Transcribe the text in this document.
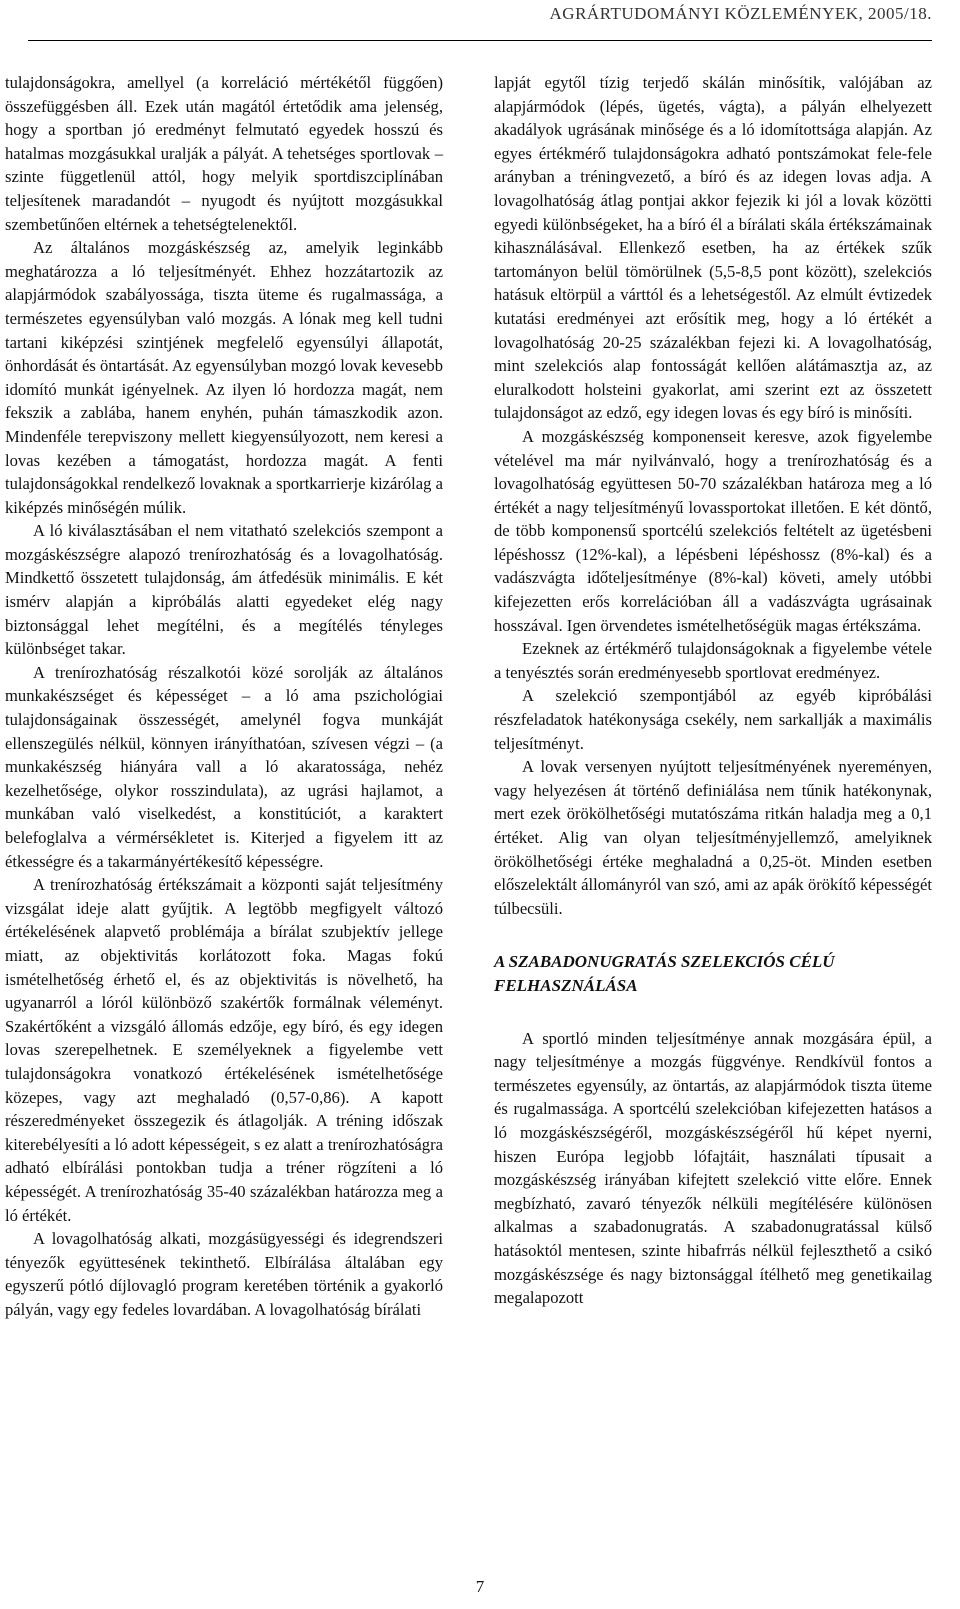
AGRÁRTUDOMÁNYI KÖZLEMÉNYEK, 2005/18.

tulajdonságokra, amellyel (a korreláció mértékétől függően) összefüggésben áll. Ezek után magától értetődik ama jelenség, hogy a sportban jó eredményt felmutató egyedek hosszú és hatalmas mozgásukkal uralják a pályát. A tehetséges sportlovak – szinte függetlenül attól, hogy melyik sportdiszciplínában teljesítenek maradandót – nyugodt és nyújtott mozgásukkal szembetűnően eltérnek a tehetségtelenektől.

Az általános mozgáskészség az, amelyik leginkább meghatározza a ló teljesítményét. Ehhez hozzátartozik az alapjármódok szabályossága, tiszta üteme és rugalmassága, a természetes egyensúlyban való mozgás. A lónak meg kell tudni tartani kiképzési szintjének megfelelő egyensúlyi állapotát, önhordását és öntartását. Az egyensúlyban mozgó lovak kevesebb idomító munkát igényelnek. Az ilyen ló hordozza magát, nem fekszik a zablába, hanem enyhén, puhán támaszkodik azon. Mindenféle terepviszony mellett kiegyensúlyozott, nem keresi a lovas kezében a támogatást, hordozza magát. A fenti tulajdonságokkal rendelkező lovaknak a sportkarrierje kizárólag a kiképzés minőségén múlik.

A ló kiválasztásában el nem vitatható szelekciós szempont a mozgáskészségre alapozó trenírozhatóság és a lovagolhatóság. Mindkettő összetett tulajdonság, ám átfedésük minimális. E két ismérv alapján a kipróbálás alatti egyedeket elég nagy biztonsággal lehet megítélni, és a megítélés tényleges különbséget takar.

A trenírozhatóság részalkotói közé sorolják az általános munkakészséget és képességet – a ló ama pszichológiai tulajdonságainak összességét, amelynél fogva munkáját ellenszegülés nélkül, könnyen irányíthatóan, szívesen végzi – (a munkakészség hiányára vall a ló akaratossága, nehéz kezelhetősége, olykor rosszindulata), az ugrási hajlamot, a munkában való viselkedést, a konstitúciót, a karaktert belefoglalva a vérmérsékletet is. Kiterjed a figyelem itt az étkességre és a takarmányértékesítő képességre.

A trenírozhatóság értékszámait a központi saját teljesítmény vizsgálat ideje alatt gyűjtik. A legtöbb megfigyelt változó értékelésének alapvető problémája a bírálat szubjektív jellege miatt, az objektivitás korlátozott foka. Magas fokú ismételhetőség érhető el, és az objektivitás is növelhető, ha ugyanarról a lóról különböző szakértők formálnak véleményt. Szakértőként a vizsgáló állomás edzője, egy bíró, és egy idegen lovas szerepelhetnek. E személyeknek a figyelembe vett tulajdonságokra vonatkozó értékelésének ismételhetősége közepes, vagy azt meghaladó (0,57-0,86). A kapott részeredményeket összegezik és átlagolják. A tréning időszak kiterebélyesíti a ló adott képességeit, s ez alatt a trenírozhatóságra adható elbírálási pontokban tudja a tréner rögzíteni a ló képességét. A trenírozhatóság 35-40 százalékban határozza meg a ló értékét.

A lovagolhatóság alkati, mozgásügyességi és idegrendszeri tényezők együttesének tekinthető. Elbírálása általában egy egyszerű pótló díjlovagló program keretében történik a gyakorló pályán, vagy egy fedeles lovardában. A lovagolhatóság bírálati

lapját egytől tízig terjedő skálán minősítik, valójában az alapjármódok (lépés, ügetés, vágta), a pályán elhelyezett akadályok ugrásának minősége és a ló idomítottsága alapján. Az egyes értékmérő tulajdonságokra adható pontszámokat fele-fele arányban a tréningvezető, a bíró és az idegen lovas adja. A lovagolhatóság átlag pontjai akkor fejezik ki jól a lovak közötti egyedi különbségeket, ha a bíró él a bírálati skála értékszámainak kihasználásával. Ellenkező esetben, ha az értékek szűk tartományon belül tömörülnek (5,5-8,5 pont között), szelekciós hatásuk eltörpül a várttól és a lehetségestől. Az elmúlt évtizedek kutatási eredményei azt erősítik meg, hogy a ló értékét a lovagolhatóság 20-25 százalékban fejezi ki. A lovagolhatóság, mint szelekciós alap fontosságát kellően alátámasztja az, az eluralkodott holsteini gyakorlat, ami szerint ezt az összetett tulajdonságot az edző, egy idegen lovas és egy bíró is minősíti.

A mozgáskészség komponenseit keresve, azok figyelembe vételével ma már nyilvánvaló, hogy a trenírozhatóság és a lovagolhatóság együttesen 50-70 százalékban határoza meg a ló értékét a nagy teljesítményű lovassportokat illetően. E két döntő, de több komponensű sportcélú szelekciós feltételt az ügetésbeni lépéshossz (12%-kal), a lépésbeni lépéshossz (8%-kal) és a vadászvágta időteljesítménye (8%-kal) követi, amely utóbbi kifejezetten erős korrelációban áll a vadászvágta ugrásainak hosszával. Igen örvendetes ismételhetőségük magas értékszáma.

Ezeknek az értékmérő tulajdonságoknak a figyelembe vétele a tenyésztés során eredményesebb sportlovat eredményez.

A szelekció szempontjából az egyéb kipróbálási részfeladatok hatékonysága csekély, nem sarkallják a maximális teljesítményt.

A lovak versenyen nyújtott teljesítményének nyereményen, vagy helyezésen át történő definiálása nem tűnik hatékonynak, mert ezek örökölhetőségi mutatószáma ritkán haladja meg a 0,1 értéket. Alig van olyan teljesítményjellemző, amelyiknek örökölhetőségi értéke meghaladná a 0,25-öt. Minden esetben előszelektált állományról van szó, ami az apák örökítő képességét túlbecsüli.

A SZABADONUGRATÁS SZELEKCIÓS CÉLÚ FELHASZNÁLÁSA

A sportló minden teljesítménye annak mozgására épül, a nagy teljesítménye a mozgás függvénye. Rendkívül fontos a természetes egyensúly, az öntartás, az alapjármódok tiszta üteme és rugalmassága. A sportcélú szelekcióban kifejezetten hatásos a ló mozgáskészségéről, mozgáskészségéről hű képet nyerni, hiszen Európa legjobb lófajtáit, használati típusait a mozgáskészség irányában kifejtett szelekció vitte előre. Ennek megbízható, zavaró tényezők nélküli megítélésére különösen alkalmas a szabadonugratás. A szabadonugratással külső hatásoktól mentesen, szinte hibafrrás nélkül fejleszthető a csikó mozgáskészsége és nagy biztonsággal ítélhető meg genetikailag megalapozott

7
